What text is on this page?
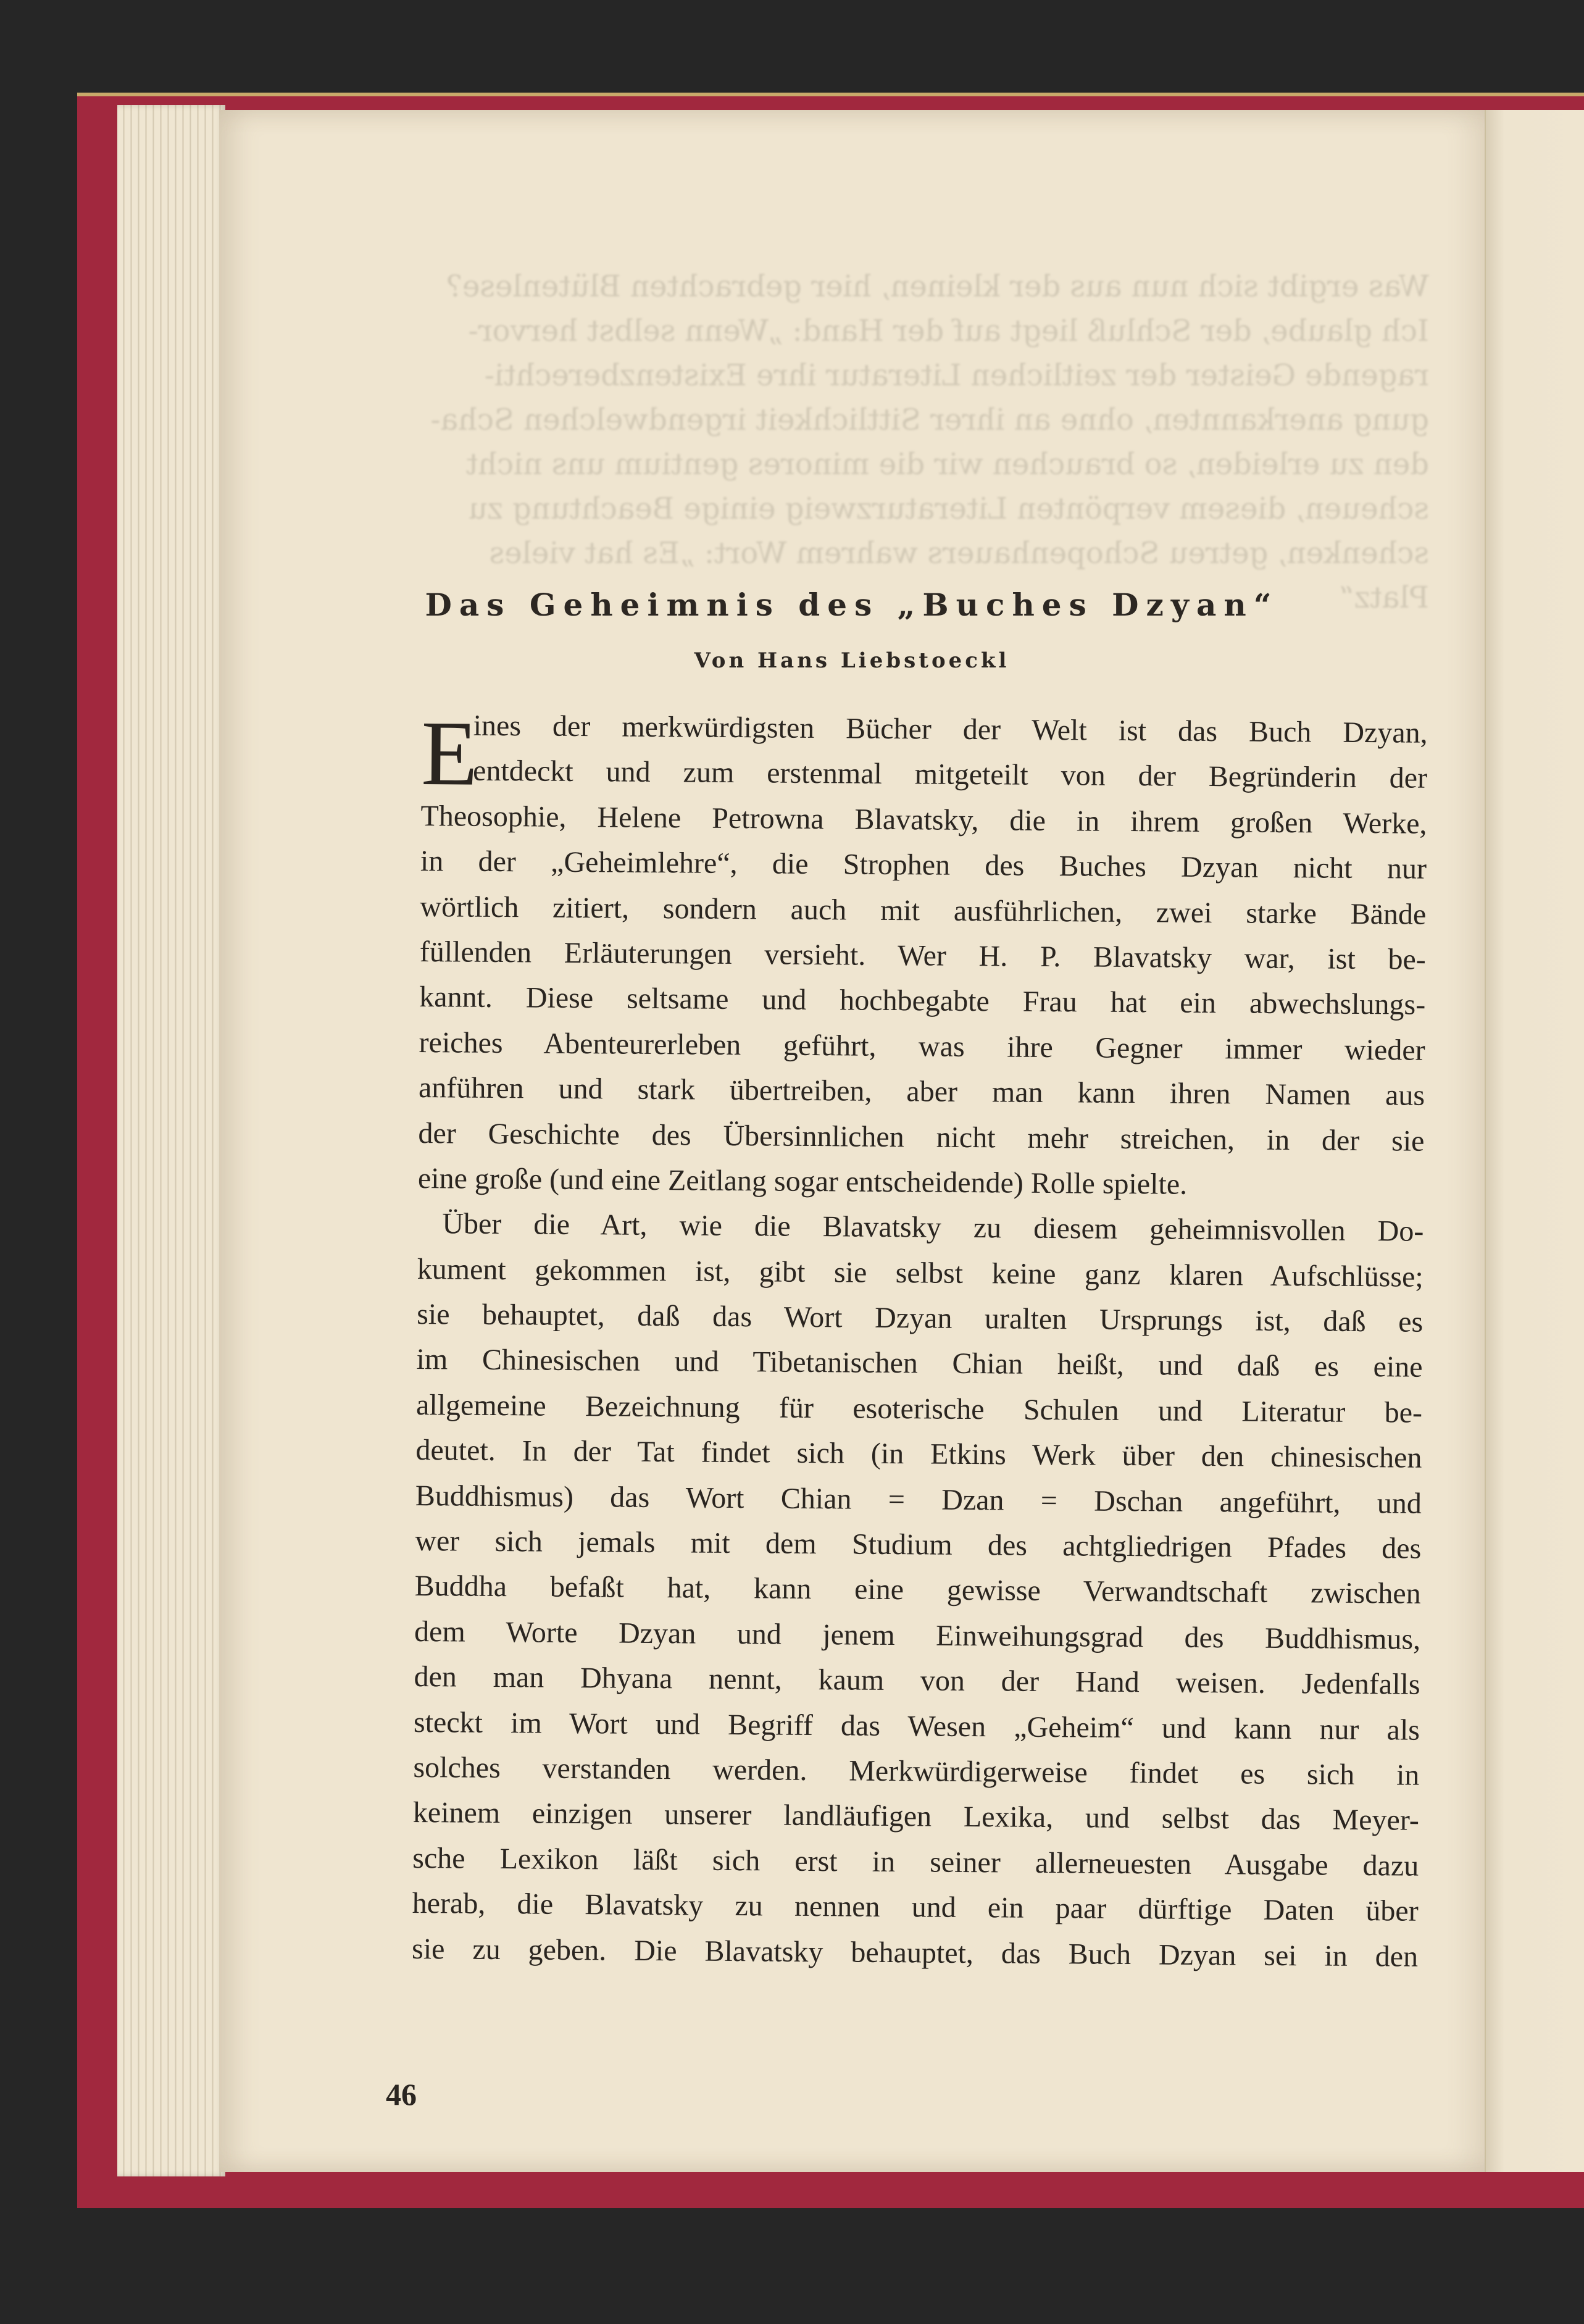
Was ergibt sich nun aus der kleinen, hier gebrachten Blütenlese?
Ich glaube, der Schluß liegt auf der Hand: „Wenn selbst hervor-
ragende Geister der zeitlichen Literatur ihre Existenzberechti-
gung anerkannten, ohne an ihrer Sittlichkeit irgendwelchen Scha-
den zu erleiden, so brauchen wir die minores gentium uns nicht
scheuen, diesem verpönten Literaturzweig einige Beachtung zu
schenken, getreu Schopenhauers wahrem Wort: „Es hat vieles
Platz“
Das Geheimnis des „Buches Dzyan“
Von Hans Liebstoeckl
E
ines der merkwürdigsten Bücher der Welt ist das Buch Dzyan,
entdeckt und zum erstenmal mitgeteilt von der Begründerin der
Theosophie, Helene Petrowna Blavatsky, die in ihrem großen Werke,
in der „Geheimlehre“, die Strophen des Buches Dzyan nicht nur
wörtlich zitiert, sondern auch mit ausführlichen, zwei starke Bände
füllenden Erläuterungen versieht. Wer H. P. Blavatsky war, ist be-
kannt. Diese seltsame und hochbegabte Frau hat ein abwechslungs-
reiches Abenteurerleben geführt, was ihre Gegner immer wieder
anführen und stark übertreiben, aber man kann ihren Namen aus
der Geschichte des Übersinnlichen nicht mehr streichen, in der sie
eine große (und eine Zeitlang sogar entscheidende) Rolle spielte.
Über die Art, wie die Blavatsky zu diesem geheimnisvollen Do-
kument gekommen ist, gibt sie selbst keine ganz klaren Aufschlüsse;
sie behauptet, daß das Wort Dzyan uralten Ursprungs ist, daß es
im Chinesischen und Tibetanischen Chian heißt, und daß es eine
allgemeine Bezeichnung für esoterische Schulen und Literatur be-
deutet. In der Tat findet sich (in Etkins Werk über den chinesischen
Buddhismus) das Wort Chian = Dzan = Dschan angeführt, und
wer sich jemals mit dem Studium des achtgliedrigen Pfades des
Buddha befaßt hat, kann eine gewisse Verwandtschaft zwischen
dem Worte Dzyan und jenem Einweihungsgrad des Buddhismus,
den man Dhyana nennt, kaum von der Hand weisen. Jedenfalls
steckt im Wort und Begriff das Wesen „Geheim“ und kann nur als
solches verstanden werden. Merkwürdigerweise findet es sich in
keinem einzigen unserer landläufigen Lexika, und selbst das Meyer-
sche Lexikon läßt sich erst in seiner allerneuesten Ausgabe dazu
herab, die Blavatsky zu nennen und ein paar dürftige Daten über
sie zu geben. Die Blavatsky behauptet, das Buch Dzyan sei in den
46
